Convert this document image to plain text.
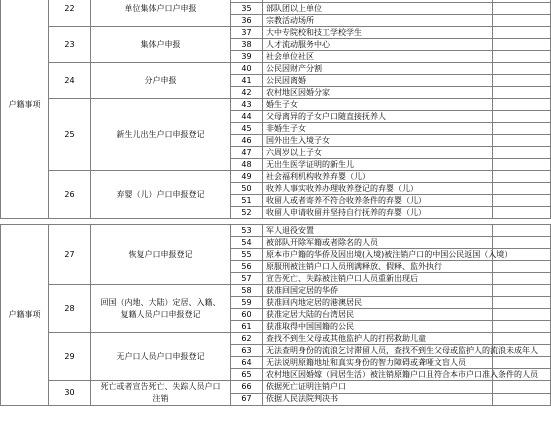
户籍事项	22	单位集体户口户申报			
			35	部队团以上单位	
			36	宗教活动场所	
	23	集体户申报	37	大中专院校和技工学校学生	
			38	人才流动服务中心	
			39	社会单位社区	
	24	分户申报	40	公民因财产分割	
			41	公民因离婚	
			42	农村地区因婚分家	
	25	新生儿出生户口申报登记	43	婚生子女	
			44	父母离异的子女户口随直接抚养人	
			45	非婚生子女	
			46	国外出生入境子女	
			47	六周岁以上子女	
			48	无出生医学证明的新生儿	
	26	弃婴（儿）户口申报登记	49	社会福利机构收养弃婴（儿）	
			50	收养人事实收养办理收养登记的弃婴（儿）	
			51	收留人或者寄养不符合收养条件的弃婴（儿）	
			52	收留人申请收留并坚持自行抚养的弃婴（儿）	
户籍事项	27	恢复户口申报登记	53	军人退役安置	
			54	被部队开除军籍或者除名的人员	
			55	原本市户籍的华侨及因出境(入境)被注销户口的中国公民返国（入境）	
			56	原服刑被注销户口人员刑满释放、假释、监外执行	
			57	宣告死亡、失踪被注销户口人员重新出现后	
	28	回国（内地、大陆）定居、入籍、复籍人员户口申报登记	58	获准回国定居的华侨	
			59	获准回内地定居的港澳居民	
			60	获准定居大陆的台湾居民	
			61	获准取得中国国籍的公民	
	29	无户口人员户口申报登记	62	查找不到生父母或其他监护人的打拐救助儿童	
			63	无法查明身份的流浪乞讨滞留人员，查找不到生父母或监护人的流浪未成年人	
			64	无法说明原籍地址和真实身份的智力障碍或聋哑文盲人员	
			65	农村地区因婚嫁（同居生活）被注销原籍户口且符合本市户口准入条件的人员	
	30	死亡或者宣告死亡、失踪人员户口注销	66	依据死亡证明注销户口	
			67	依据人民法院判决书	
